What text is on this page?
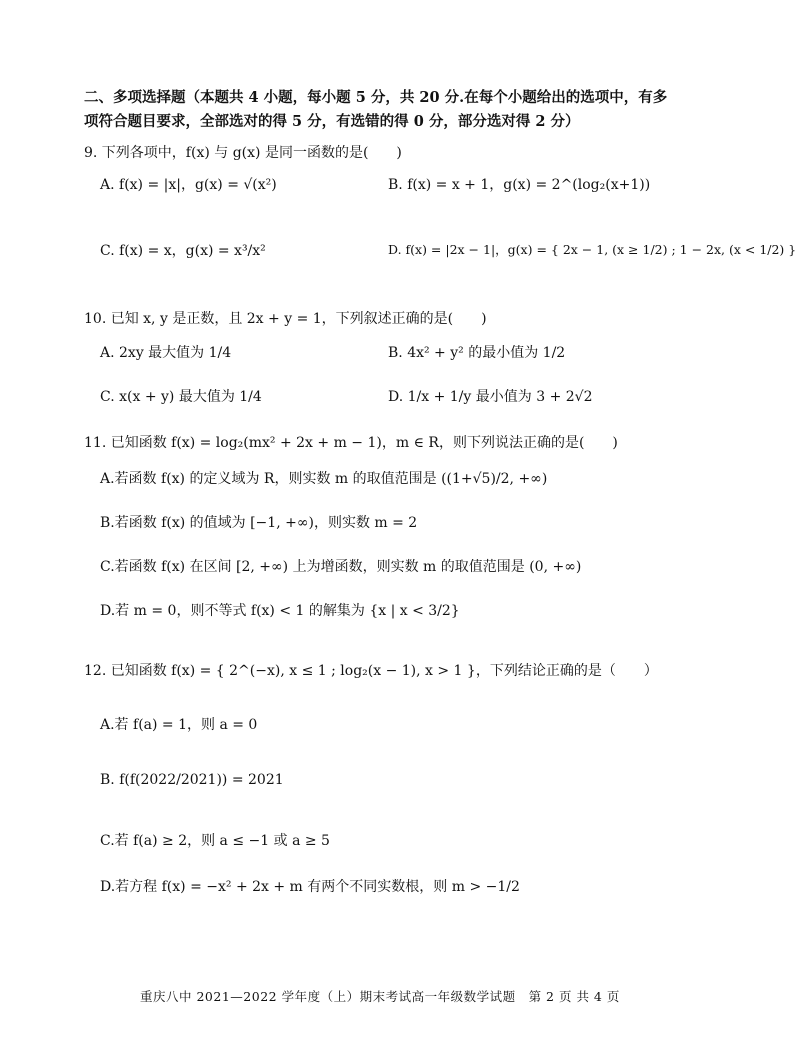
二、多项选择题（本题共 4 小题，每小题 5 分，共 20 分.在每个小题给出的选项中，有多
项符合题目要求，全部选对的得 5 分，有选错的得 0 分，部分选对得 2 分）
9. 下列各项中，f(x) 与 g(x) 是同一函数的是(　　)
A. f(x) = |x|，g(x) = √(x²)	B. f(x) = x + 1，g(x) = 2^(log₂(x+1))
C. f(x) = x，g(x) = x³/x²	D. f(x) = |2x − 1|，g(x) = { 2x − 1, (x ≥ 1/2) ; 1 − 2x, (x < 1/2) }
10. 已知 x, y 是正数，且 2x + y = 1，下列叙述正确的是(　　)
A. 2xy 最大值为 1/4	B. 4x² + y² 的最小值为 1/2
C. x(x + y) 最大值为 1/4	D. 1/x + 1/y 最小值为 3 + 2√2
11. 已知函数 f(x) = log₂(mx² + 2x + m − 1)，m ∈ R，则下列说法正确的是(　　)
A.若函数 f(x) 的定义域为 R，则实数 m 的取值范围是 ((1+√5)/2, +∞)
B.若函数 f(x) 的值域为 [−1, +∞)，则实数 m = 2
C.若函数 f(x) 在区间 [2, +∞) 上为增函数，则实数 m 的取值范围是 (0, +∞)
D.若 m = 0，则不等式 f(x) < 1 的解集为 {x | x < 3/2}
12. 已知函数 f(x) = { 2^(−x), x ≤ 1 ; log₂(x − 1), x > 1 }，下列结论正确的是（　　）
A.若 f(a) = 1，则 a = 0
B. f(f(2022/2021)) = 2021
C.若 f(a) ≥ 2，则 a ≤ −1 或 a ≥ 5
D.若方程 f(x) = −x² + 2x + m 有两个不同实数根，则 m > −1/2
重庆八中 2021—2022 学年度（上）期末考试高一年级数学试题　第 2 页 共 4 页
